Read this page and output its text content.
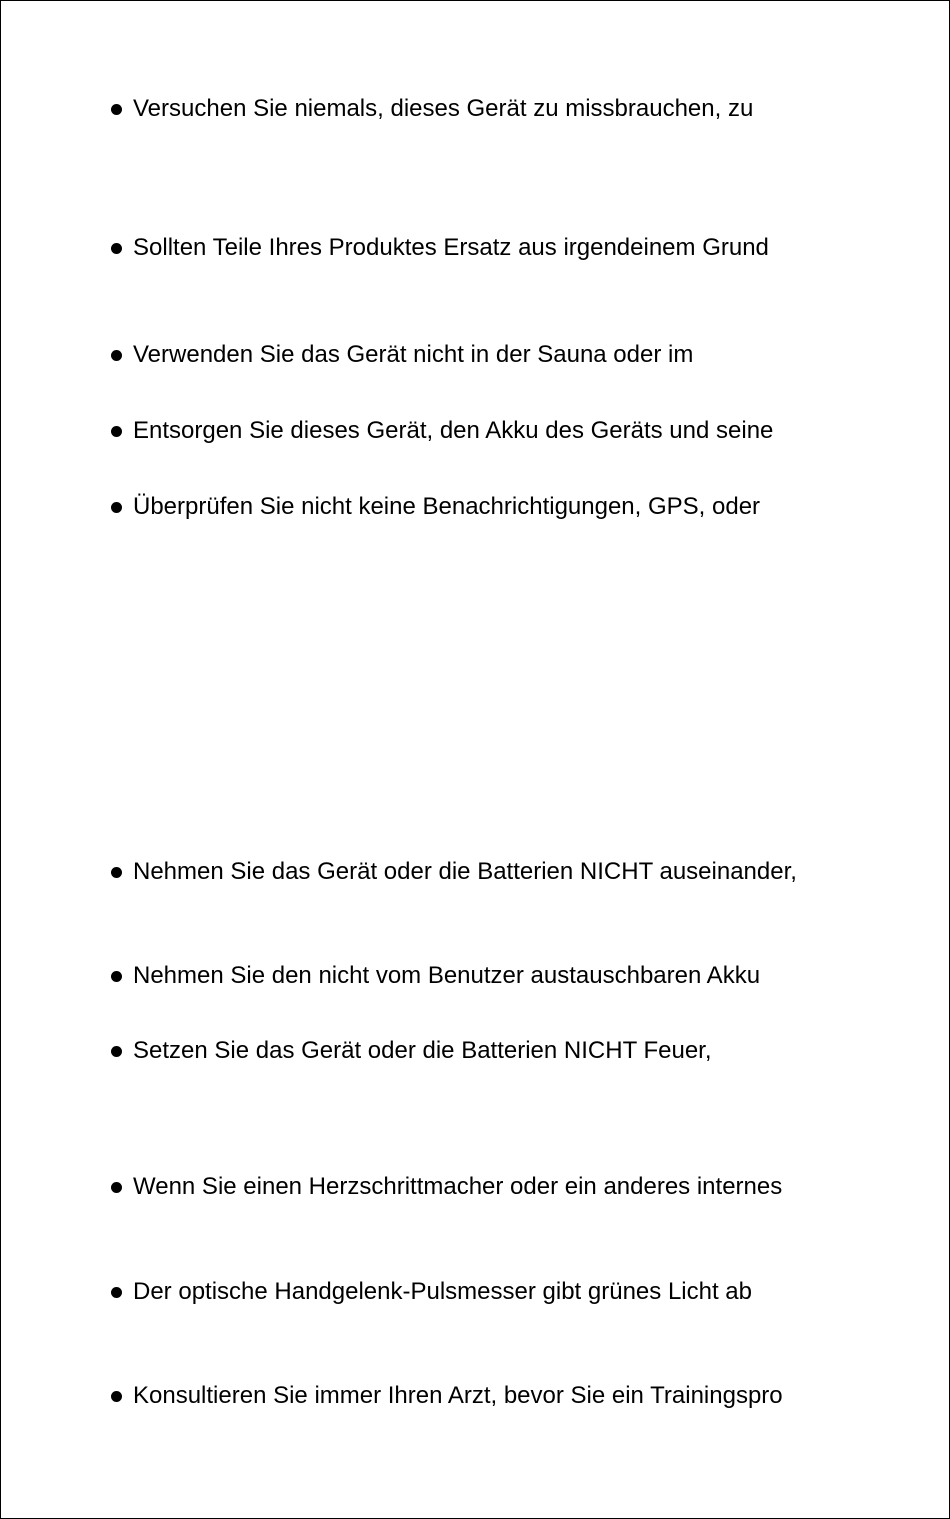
Versuchen Sie niemals, dieses Gerät zu missbrauchen, zu
Sollten Teile Ihres Produktes Ersatz aus irgendeinem Grund
Verwenden Sie das Gerät nicht in der Sauna oder im
Entsorgen Sie dieses Gerät, den Akku des Geräts und seine
Überprüfen Sie nicht keine Benachrichtigungen, GPS, oder
Nehmen Sie das Gerät oder die Batterien NICHT auseinander,
Nehmen Sie den nicht vom Benutzer austauschbaren Akku
Setzen Sie das Gerät oder die Batterien NICHT Feuer,
Wenn Sie einen Herzschrittmacher oder ein anderes internes
Der optische Handgelenk-Pulsmesser gibt grünes Licht ab
Konsultieren Sie immer Ihren Arzt, bevor Sie ein Trainingspro
